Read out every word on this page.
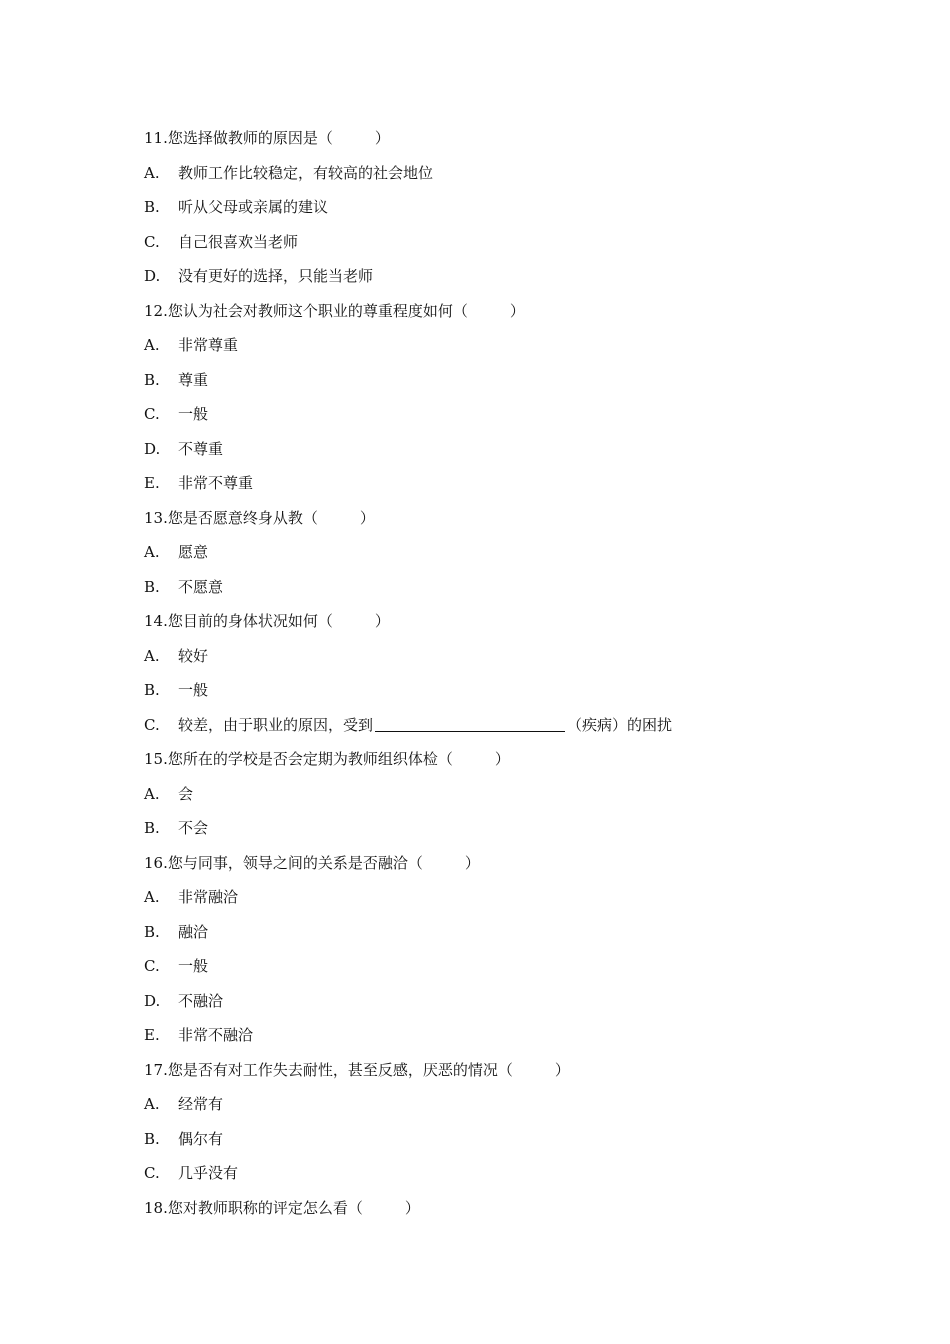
11.您选择做教师的原因是（	）
A. 教师工作比较稳定，有较高的社会地位
B. 听从父母或亲属的建议
C. 自己很喜欢当老师
D. 没有更好的选择，只能当老师
12.您认为社会对教师这个职业的尊重程度如何（	）
A. 非常尊重
B. 尊重
C. 一般
D. 不尊重
E. 非常不尊重
13.您是否愿意终身从教（	）
A. 愿意
B. 不愿意
14.您目前的身体状况如何（	）
A. 较好
B. 一般
C. 较差，由于职业的原因，受到	（疾病）的困扰
15.您所在的学校是否会定期为教师组织体检（	）
A. 会
B. 不会
16.您与同事，领导之间的关系是否融洽（	）
A. 非常融洽
B. 融洽
C. 一般
D. 不融洽
E. 非常不融洽
17.您是否有对工作失去耐性，甚至反感，厌恶的情况（	）
A. 经常有
B. 偶尔有
C. 几乎没有
18.您对教师职称的评定怎么看（	）
